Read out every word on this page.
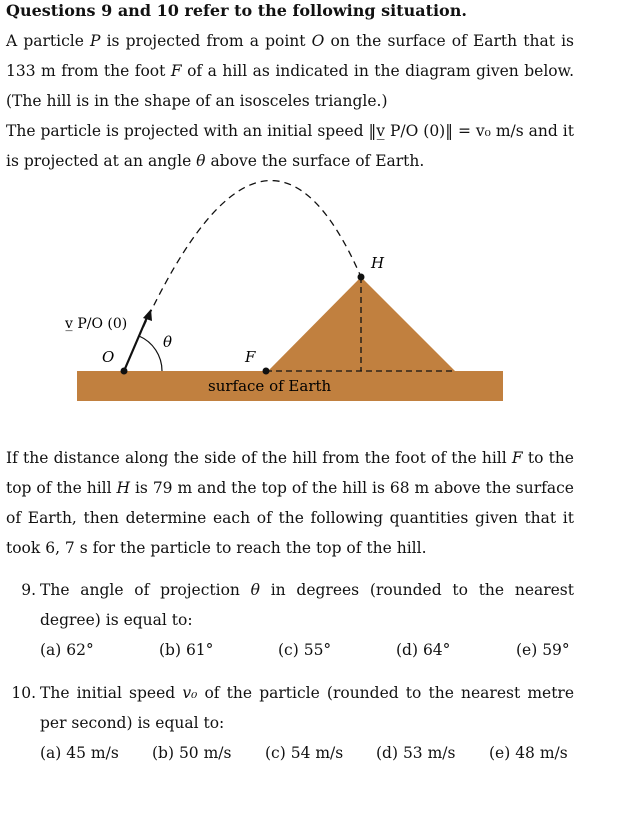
Questions 9 and 10 refer to the following situation.
A particle P is projected from a point O on the surface of Earth that is 133 m from the foot F of a hill as indicated in the diagram given below. (The hill is in the shape of an isosceles triangle.)
The particle is projected with an initial speed ‖v̲ P/O (0)‖ = v₀ m/s and it is projected at an angle θ above the surface of Earth.
H
O	F
θ
v̲ P/O (0)
surface of Earth
If the distance along the side of the hill from the foot of the hill F to the top of the hill H is 79 m and the top of the hill is 68 m above the surface of Earth, then determine each of the following quantities given that it took 6, 7 s for the particle to reach the top of the hill.
9. The angle of projection θ in degrees (rounded to the nearest degree) is equal to:
(a) 62°	(b) 61°	(c) 55°	(d) 64°	(e) 59°
10. The initial speed v₀ of the particle (rounded to the nearest metre per second) is equal to:
(a) 45 m/s (b) 50 m/s (c) 54 m/s (d) 53 m/s (e) 48 m/s
